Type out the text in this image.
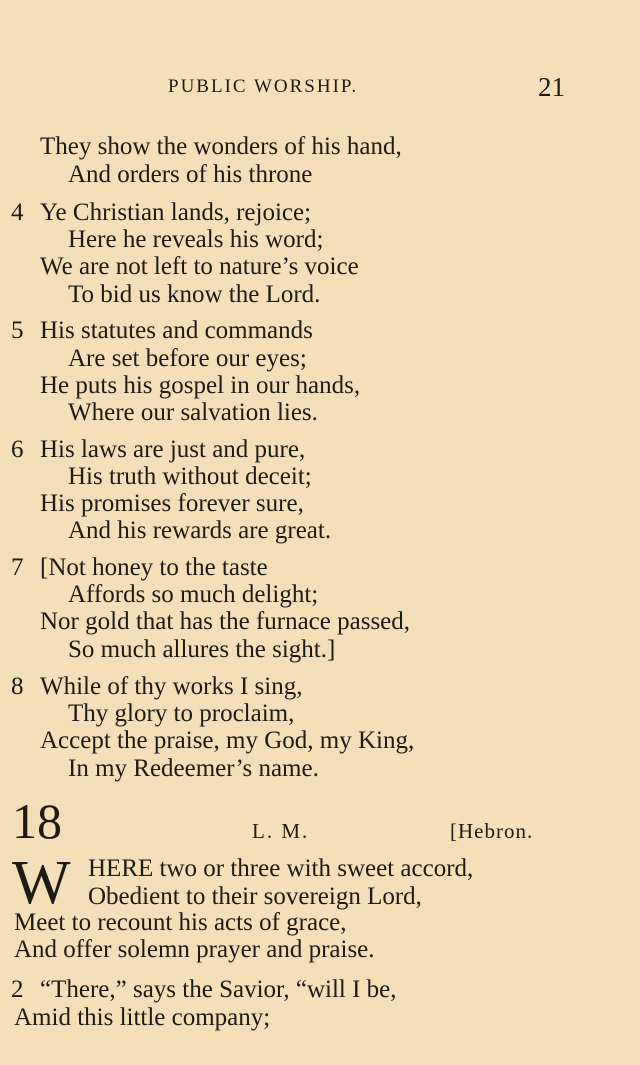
PUBLIC WORSHIP.	21
They show the wonders of his hand,
And orders of his throne
4 Ye Christian lands, rejoice;
Here he reveals his word;
We are not left to nature’s voice
To bid us know the Lord.
5 His statutes and commands
Are set before our eyes;
He puts his gospel in our hands,
Where our salvation lies.
6 His laws are just and pure,
His truth without deceit;
His promises forever sure,
And his rewards are great.
7 [Not honey to the taste
Affords so much delight;
Nor gold that has the furnace passed,
So much allures the sight.]
8 While of thy works I sing,
Thy glory to proclaim,
Accept the praise, my God, my King,
In my Redeemer’s name.
18	L. M.	[Hebron.
W HERE two or three with sweet accord,
Obedient to their sovereign Lord,
Meet to recount his acts of grace,
And offer solemn prayer and praise.
2 “There,” says the Savior, “will I be,
Amid this little company;
